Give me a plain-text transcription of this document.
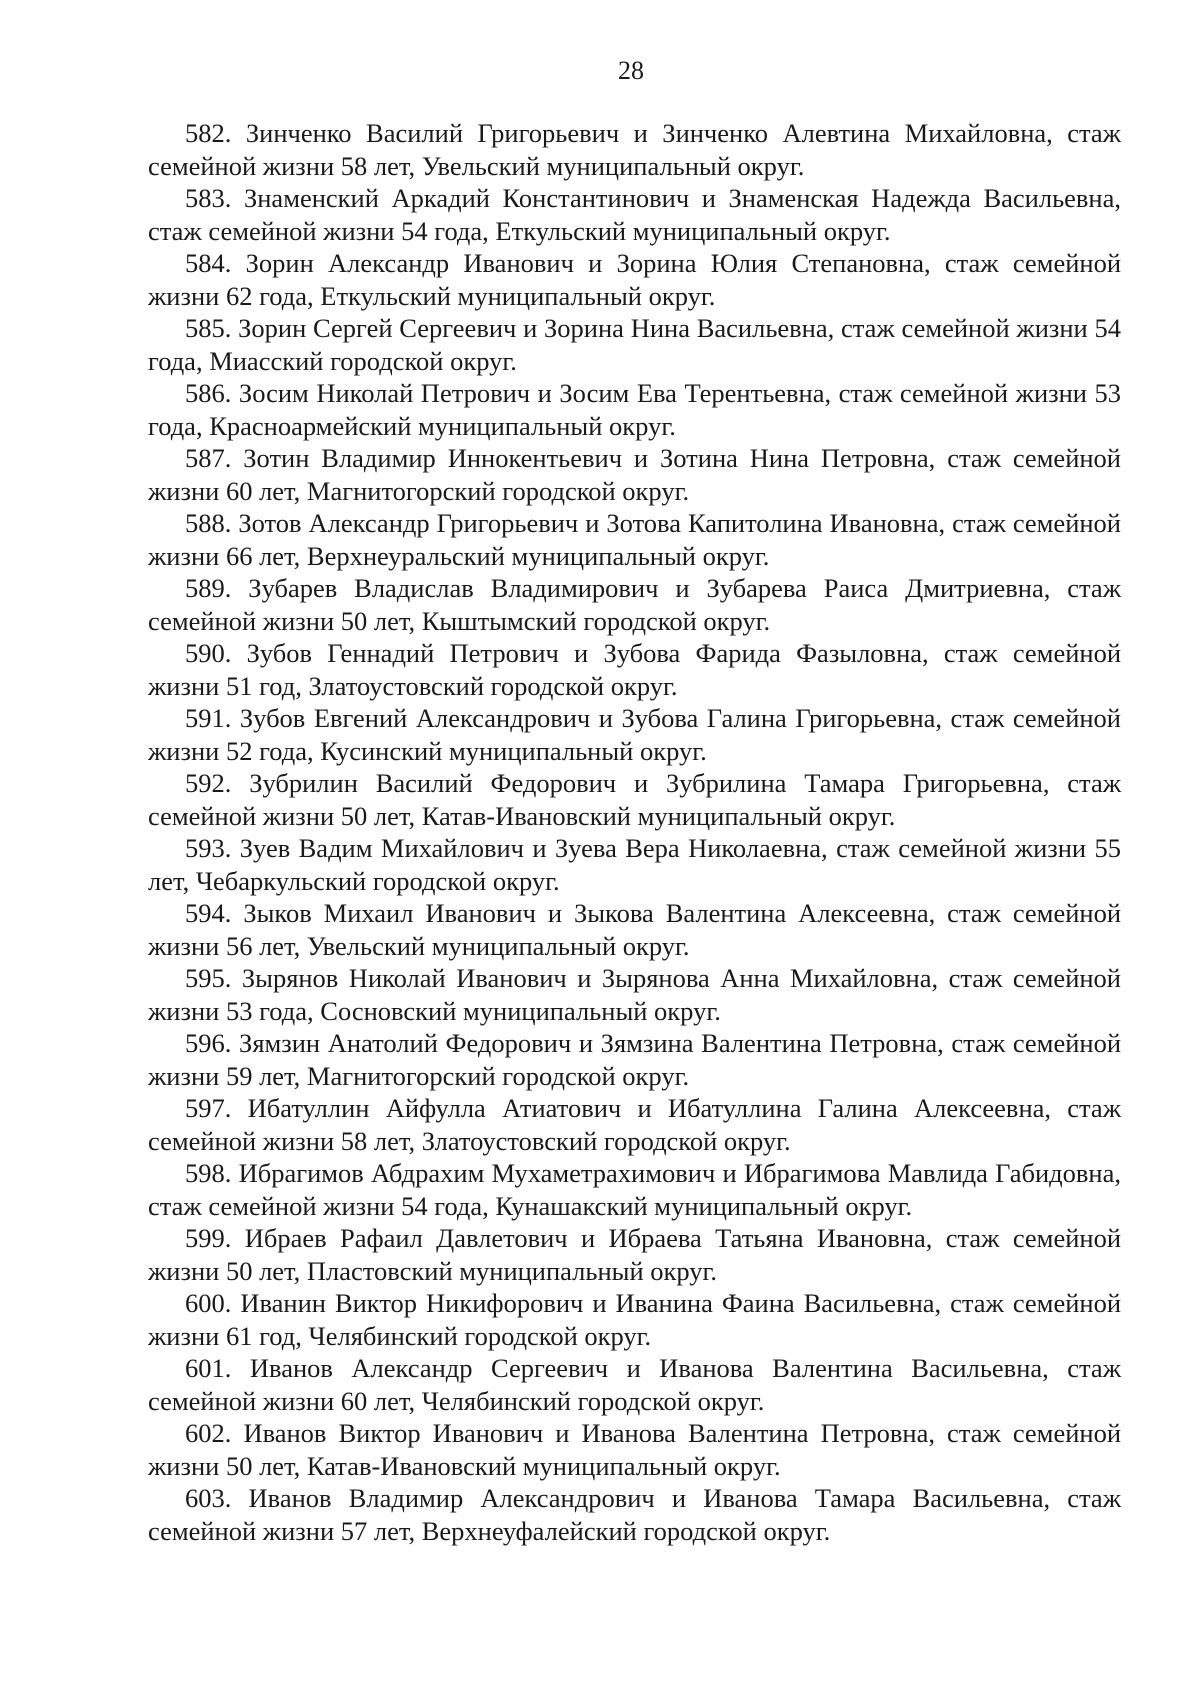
28

582. Зинченко Василий Григорьевич и Зинченко Алевтина Михайловна, стаж семейной жизни 58 лет, Увельский муниципальный округ.

583. Знаменский Аркадий Константинович и Знаменская Надежда Васильевна, стаж семейной жизни 54 года, Еткульский муниципальный округ.

584. Зорин Александр Иванович и Зорина Юлия Степановна, стаж семейной жизни 62 года, Еткульский муниципальный округ.

585. Зорин Сергей Сергеевич и Зорина Нина Васильевна, стаж семейной жизни 54 года, Миасский городской округ.

586. Зосим Николай Петрович и Зосим Ева Терентьевна, стаж семейной жизни 53 года, Красноармейский муниципальный округ.

587. Зотин Владимир Иннокентьевич и Зотина Нина Петровна, стаж семейной жизни 60 лет, Магнитогорский городской округ.

588. Зотов Александр Григорьевич и Зотова Капитолина Ивановна, стаж семейной жизни 66 лет, Верхнеуральский муниципальный округ.

589. Зубарев Владислав Владимирович и Зубарева Раиса Дмитриевна, стаж семейной жизни 50 лет, Кыштымский городской округ.

590. Зубов Геннадий Петрович и Зубова Фарида Фазыловна, стаж семейной жизни 51 год, Златоустовский городской округ.

591. Зубов Евгений Александрович и Зубова Галина Григорьевна, стаж семейной жизни 52 года, Кусинский муниципальный округ.

592. Зубрилин Василий Федорович и Зубрилина Тамара Григорьевна, стаж семейной жизни 50 лет, Катав-Ивановский муниципальный округ.

593. Зуев Вадим Михайлович и Зуева Вера Николаевна, стаж семейной жизни 55 лет, Чебаркульский городской округ.

594. Зыков Михаил Иванович и Зыкова Валентина Алексеевна, стаж семейной жизни 56 лет, Увельский муниципальный округ.

595. Зырянов Николай Иванович и Зырянова Анна Михайловна, стаж семейной жизни 53 года, Сосновский муниципальный округ.

596. Зямзин Анатолий Федорович и Зямзина Валентина Петровна, стаж семейной жизни 59 лет, Магнитогорский городской округ.

597. Ибатуллин Айфулла Атиатович и Ибатуллина Галина Алексеевна, стаж семейной жизни 58 лет, Златоустовский городской округ.

598. Ибрагимов Абдрахим Мухаметрахимович и Ибрагимова Мавлида Габидовна, стаж семейной жизни 54 года, Кунашакский муниципальный округ.

599. Ибраев Рафаил Давлетович и Ибраева Татьяна Ивановна, стаж семейной жизни 50 лет, Пластовский муниципальный округ.

600. Иванин Виктор Никифорович и Иванина Фаина Васильевна, стаж семейной жизни 61 год, Челябинский городской округ.

601. Иванов Александр Сергеевич и Иванова Валентина Васильевна, стаж семейной жизни 60 лет, Челябинский городской округ.

602. Иванов Виктор Иванович и Иванова Валентина Петровна, стаж семейной жизни 50 лет, Катав-Ивановский муниципальный округ.

603. Иванов Владимир Александрович и Иванова Тамара Васильевна, стаж семейной жизни 57 лет, Верхнеуфалейский городской округ.
